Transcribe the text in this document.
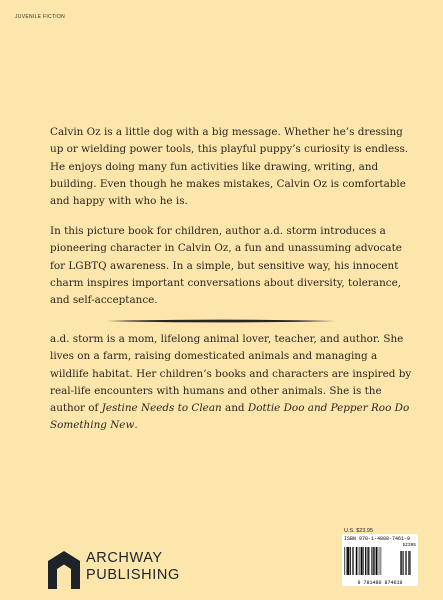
JUVENILE FICTION

Calvin Oz is a little dog with a big message. Whether he’s dressing up or wielding power tools, this playful puppy’s curiosity is endless. He enjoys doing many fun activities like drawing, writing, and building. Even though he makes mistakes, Calvin Oz is comfortable and happy with who he is.

In this picture book for children, author a.d. storm introduces a pioneering character in Calvin Oz, a fun and unassuming advocate for LGBTQ awareness. In a simple, but sensitive way, his innocent charm inspires important conversations about diversity, tolerance, and self-acceptance.

a.d. storm is a mom, lifelong animal lover, teacher, and author. She lives on a farm, raising domesticated animals and managing a wildlife habitat. Her children’s books and characters are inspired by real-life encounters with humans and other animals. She is the author of Jestine Needs to Clean and Dottie Doo and Pepper Roo Do Something New.

U.S. $23.95
ISBN 978-1-4808-7461-9
52395
9 781480 874619
ARCHWAY
PUBLISHING
